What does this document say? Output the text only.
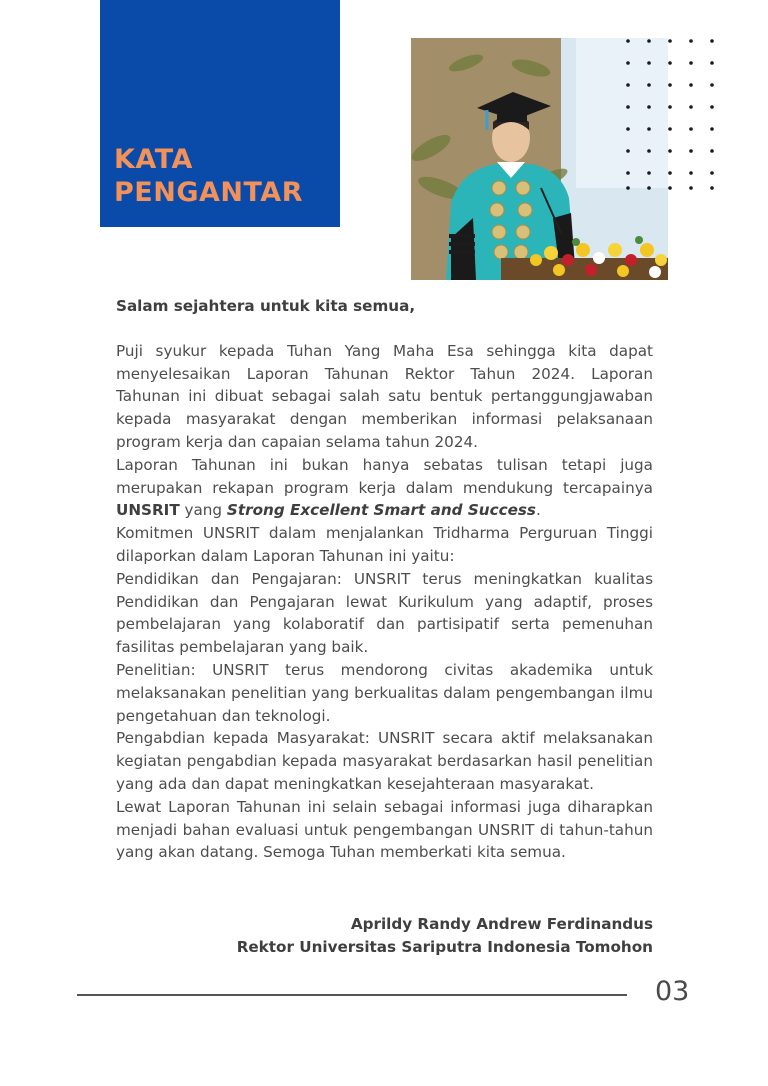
KATA
PENGANTAR

Salam sejahtera untuk kita semua,

Puji syukur kepada Tuhan Yang Maha Esa sehingga kita dapat menyelesaikan Laporan Tahunan Rektor Tahun 2024. Laporan Tahunan ini dibuat sebagai salah satu bentuk pertanggungjawaban kepada masyarakat dengan memberikan informasi pelaksanaan program kerja dan capaian selama tahun 2024.

Laporan Tahunan ini bukan hanya sebatas tulisan tetapi juga merupakan rekapan program kerja dalam mendukung tercapainya UNSRIT yang Strong Excellent Smart and Success.

Komitmen UNSRIT dalam menjalankan Tridharma Perguruan Tinggi dilaporkan dalam Laporan Tahunan ini yaitu:

Pendidikan dan Pengajaran: UNSRIT terus meningkatkan kualitas Pendidikan dan Pengajaran lewat Kurikulum yang adaptif, proses pembelajaran yang kolaboratif dan partisipatif serta pemenuhan fasilitas pembelajaran yang baik.

Penelitian: UNSRIT terus mendorong civitas akademika untuk melaksanakan penelitian yang berkualitas dalam pengembangan ilmu pengetahuan dan teknologi.

Pengabdian kepada Masyarakat: UNSRIT secara aktif melaksanakan kegiatan pengabdian kepada masyarakat berdasarkan hasil penelitian yang ada dan dapat meningkatkan kesejahteraan masyarakat.

Lewat Laporan Tahunan ini selain sebagai informasi juga diharapkan menjadi bahan evaluasi untuk pengembangan UNSRIT di tahun-tahun yang akan datang. Semoga Tuhan memberkati kita semua.

Aprildy Randy Andrew Ferdinandus
Rektor Universitas Sariputra Indonesia Tomohon
03
